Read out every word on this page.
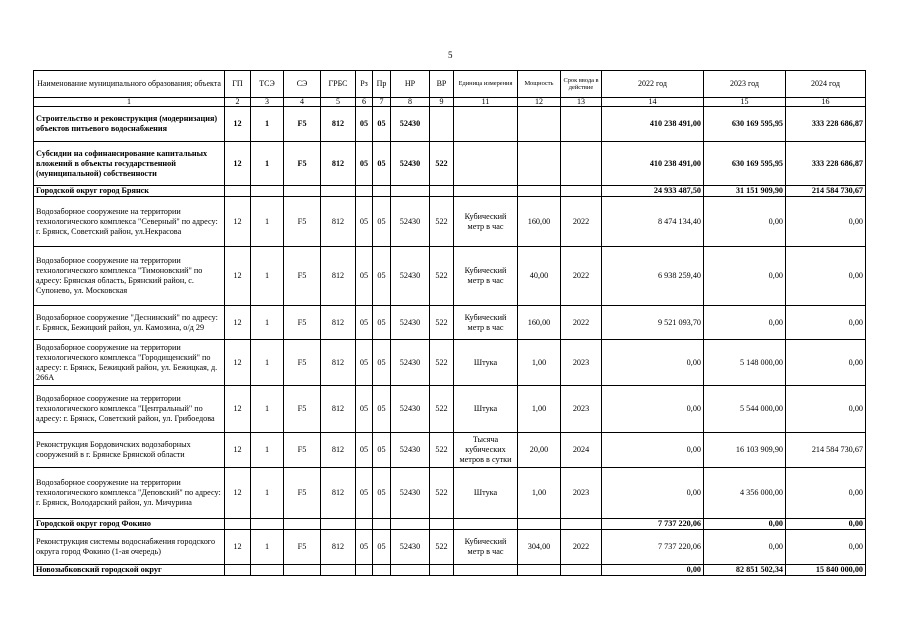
5
Наименование муниципального образования; объекта	ГП	ТСЭ	СЭ	ГРБС	Рз	Пр	НР	ВР	Единица измерения	Мощность	Срок ввода в действие	2022 год	2023 год	2024 год
1	2	3	4	5	6	7	8	9	11	12	13	14	15	16
Строительство и реконструкция (модернизация) объектов питьевого водоснабжения	12	1	F5	812	05	05	52430					410 238 491,00	630 169 595,95	333 228 686,87
Субсидии на софинансирование капитальных вложений в объекты государственной (муниципальной) собственности	12	1	F5	812	05	05	52430	522				410 238 491,00	630 169 595,95	333 228 686,87
Городской округ город Брянск												24 933 487,50	31 151 909,90	214 584 730,67
Водозаборное сооружение на территории технологического комплекса "Северный" по адресу: г. Брянск, Советский район, ул.Некрасова	12	1	F5	812	05	05	52430	522	Кубический метр в час	160,00	2022	8 474 134,40	0,00	0,00
Водозаборное сооружение на территории технологического комплекса "Тимоновский" по адресу: Брянская область, Брянский район, с. Супонево, ул. Московская	12	1	F5	812	05	05	52430	522	Кубический метр в час	40,00	2022	6 938 259,40	0,00	0,00
Водозаборное сооружение "Деснинский" по адресу: г. Брянск, Бежицкий район, ул. Камозина, о/д 29	12	1	F5	812	05	05	52430	522	Кубический метр в час	160,00	2022	9 521 093,70	0,00	0,00
Водозаборное сооружение на территории технологического комплекса "Городищенский" по адресу: г. Брянск, Бежицкий район, ул. Бежицкая, д. 266А	12	1	F5	812	05	05	52430	522	Штука	1,00	2023	0,00	5 148 000,00	0,00
Водозаборное сооружение на территории технологического комплекса "Центральный" по адресу: г. Брянск, Советский район, ул. Грибоедова	12	1	F5	812	05	05	52430	522	Штука	1,00	2023	0,00	5 544 000,00	0,00
Реконструкция Бордовичских водозаборных сооружений в г. Брянске Брянской области	12	1	F5	812	05	05	52430	522	Тысяча кубических метров в сутки	20,00	2024	0,00	16 103 909,90	214 584 730,67
Водозаборное сооружение на территории технологического комплекса "Деповский" по адресу: г. Брянск, Володарский район, ул. Мичурина	12	1	F5	812	05	05	52430	522	Штука	1,00	2023	0,00	4 356 000,00	0,00
Городской округ город Фокино												7 737 220,06	0,00	0,00
Реконструкция системы водоснабжения городского округа город Фокино (1-ая очередь)	12	1	F5	812	05	05	52430	522	Кубический метр в час	304,00	2022	7 737 220,06	0,00	0,00
Новозыбковский городской округ												0,00	82 851 502,34	15 840 000,00
